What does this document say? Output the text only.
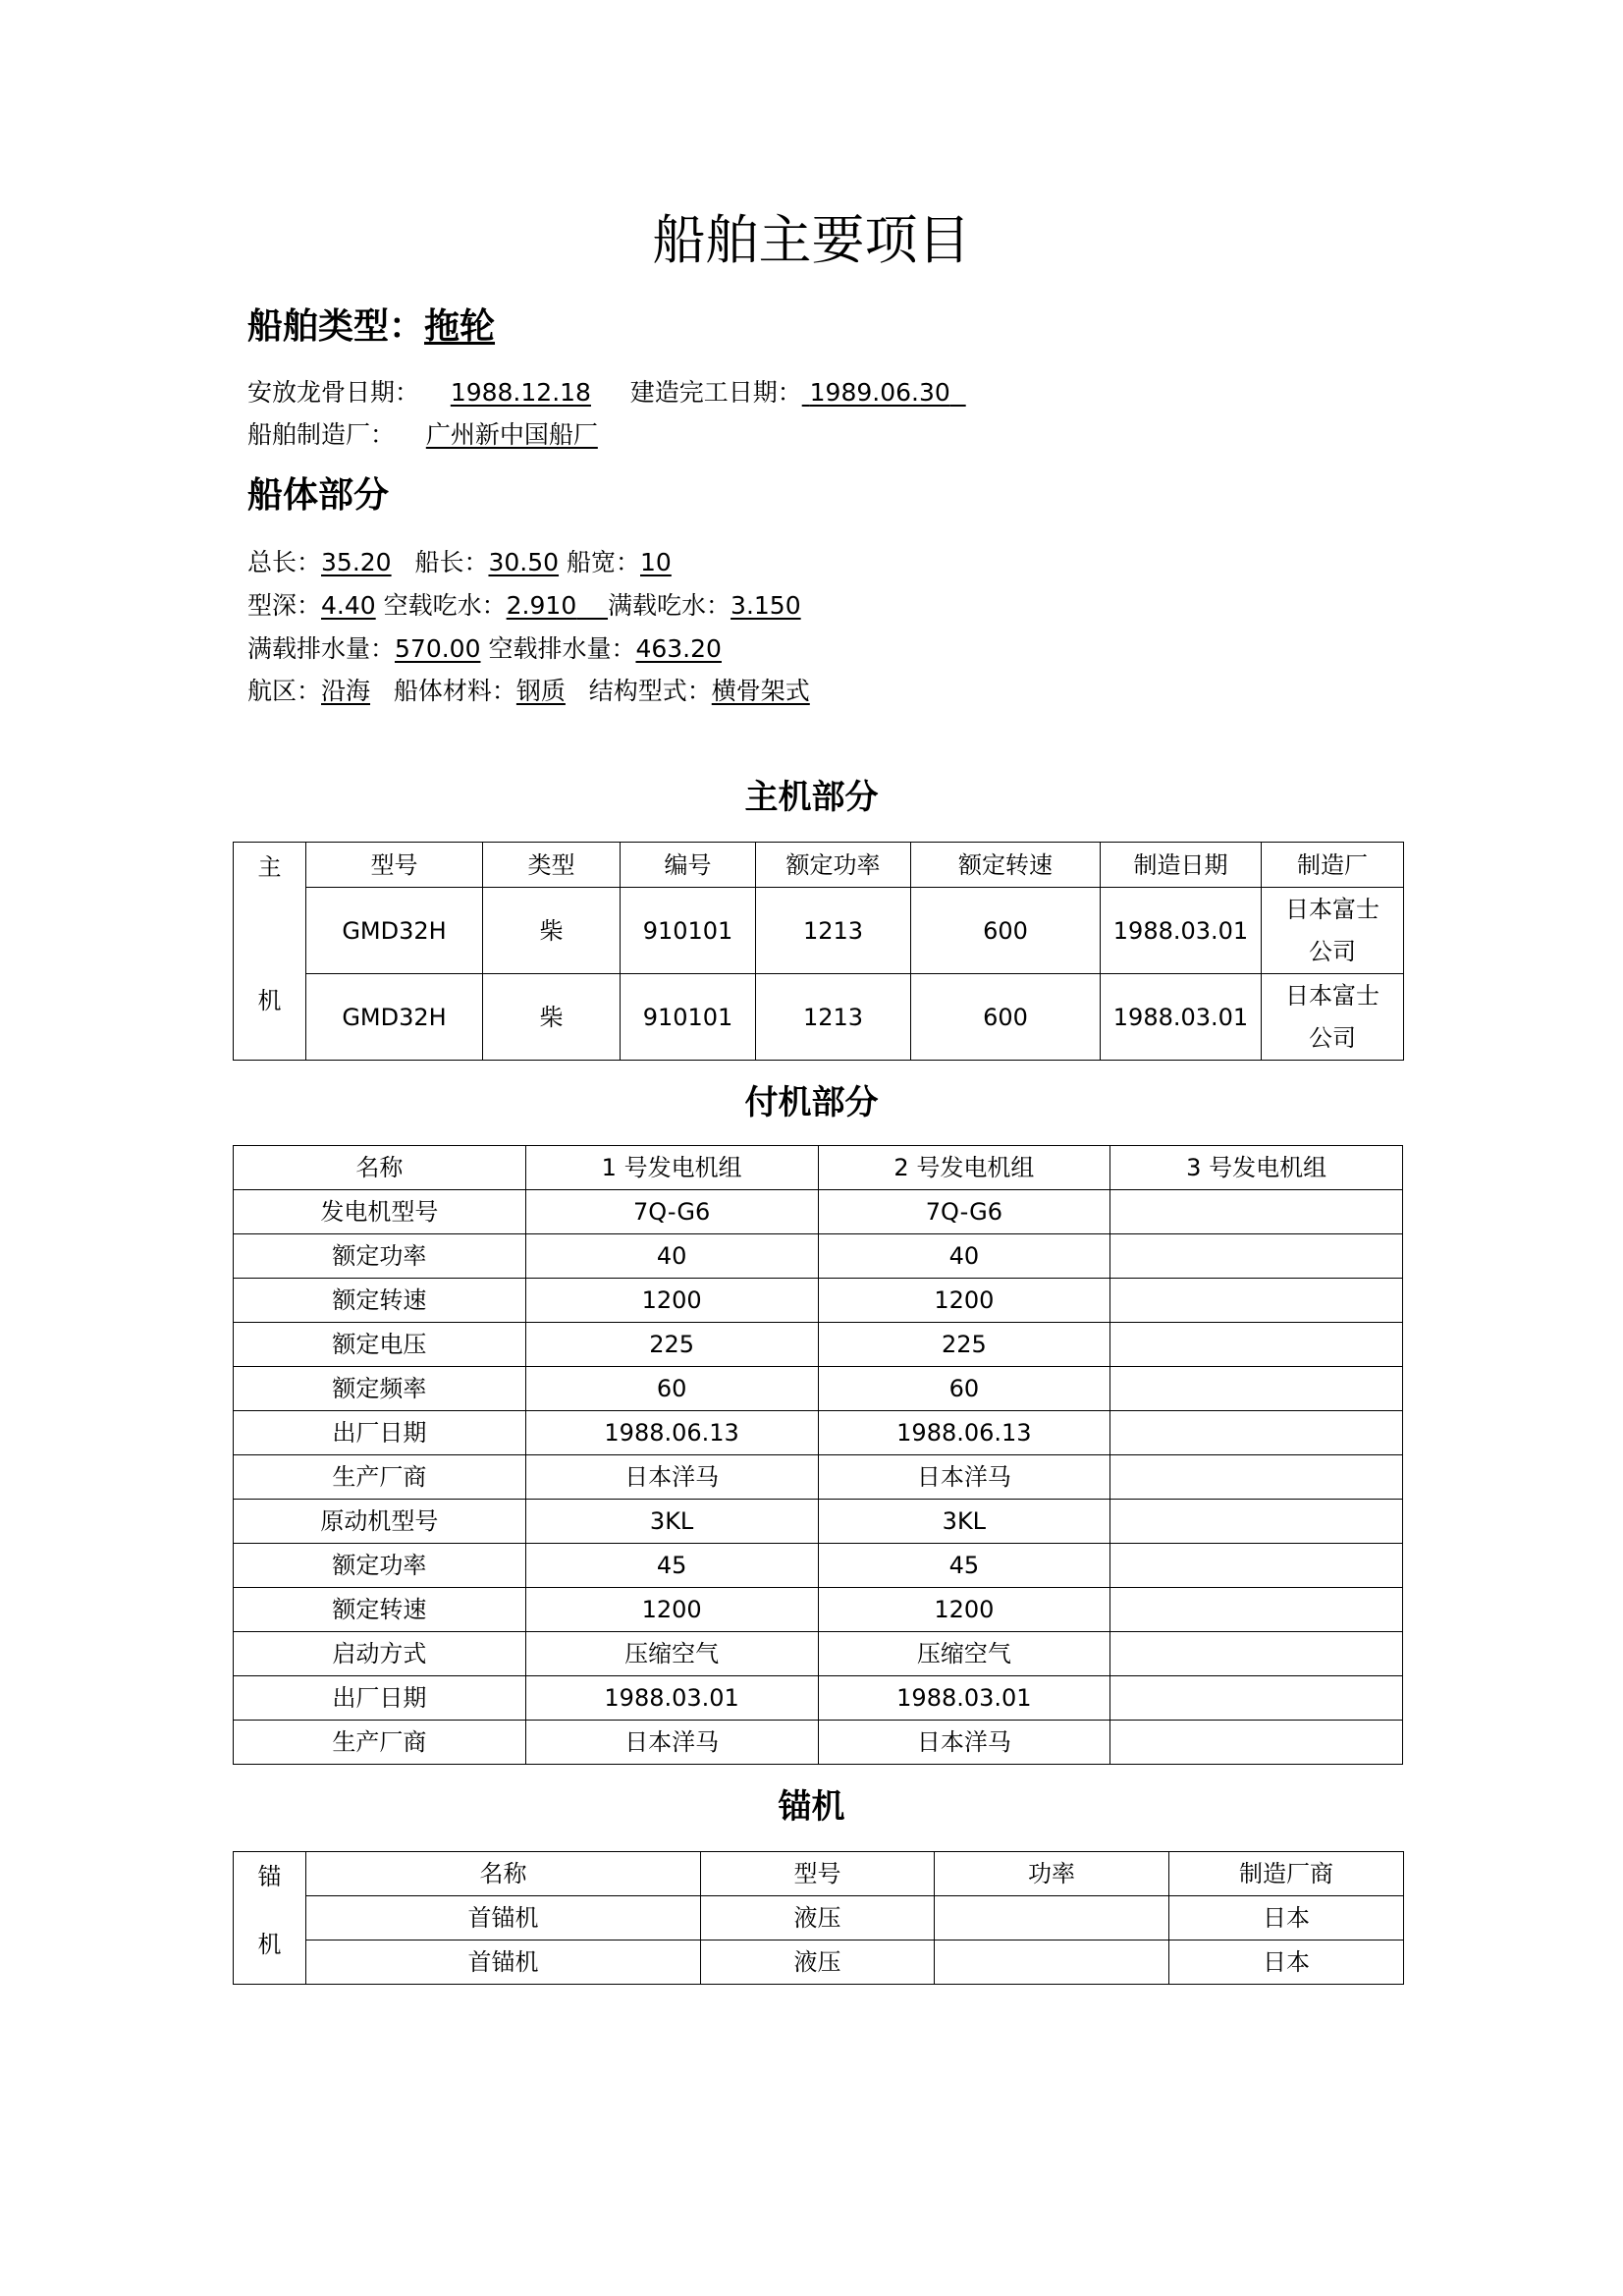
船舶主要项目
船舶类型：拖轮
安放龙骨日期： 1988.12.18 建造完工日期： 1989.06.30
船舶制造厂： 广州新中国船厂
船体部分
总长：35.20 船长：30.50 船宽：10
型深：4.40 空载吃水：2.910 满载吃水：3.150
满载排水量：570.00 空载排水量：463.20
航区：沿海 船体材料：钢质 结构型式：横骨架式
主机部分
主
机	型号	类型	编号	额定功率	额定转速	制造日期	制造厂
	GMD32H	柴	910101	1213	600	1988.03.01	日本富士公司
	GMD32H	柴	910101	1213	600	1988.03.01	日本富士公司
付机部分
名称	1 号发电机组	2 号发电机组	3 号发电机组
发电机型号	7Q-G6	7Q-G6	
额定功率	40	40	
额定转速	1200	1200	
额定电压	225	225	
额定频率	60	60	
出厂日期	1988.06.13	1988.06.13	
生产厂商	日本洋马	日本洋马	
原动机型号	3KL	3KL	
额定功率	45	45	
额定转速	1200	1200	
启动方式	压缩空气	压缩空气	
出厂日期	1988.03.01	1988.03.01	
生产厂商	日本洋马	日本洋马	
锚机
锚
机	名称	型号	功率	制造厂商
	首锚机	液压		日本
	首锚机	液压		日本
